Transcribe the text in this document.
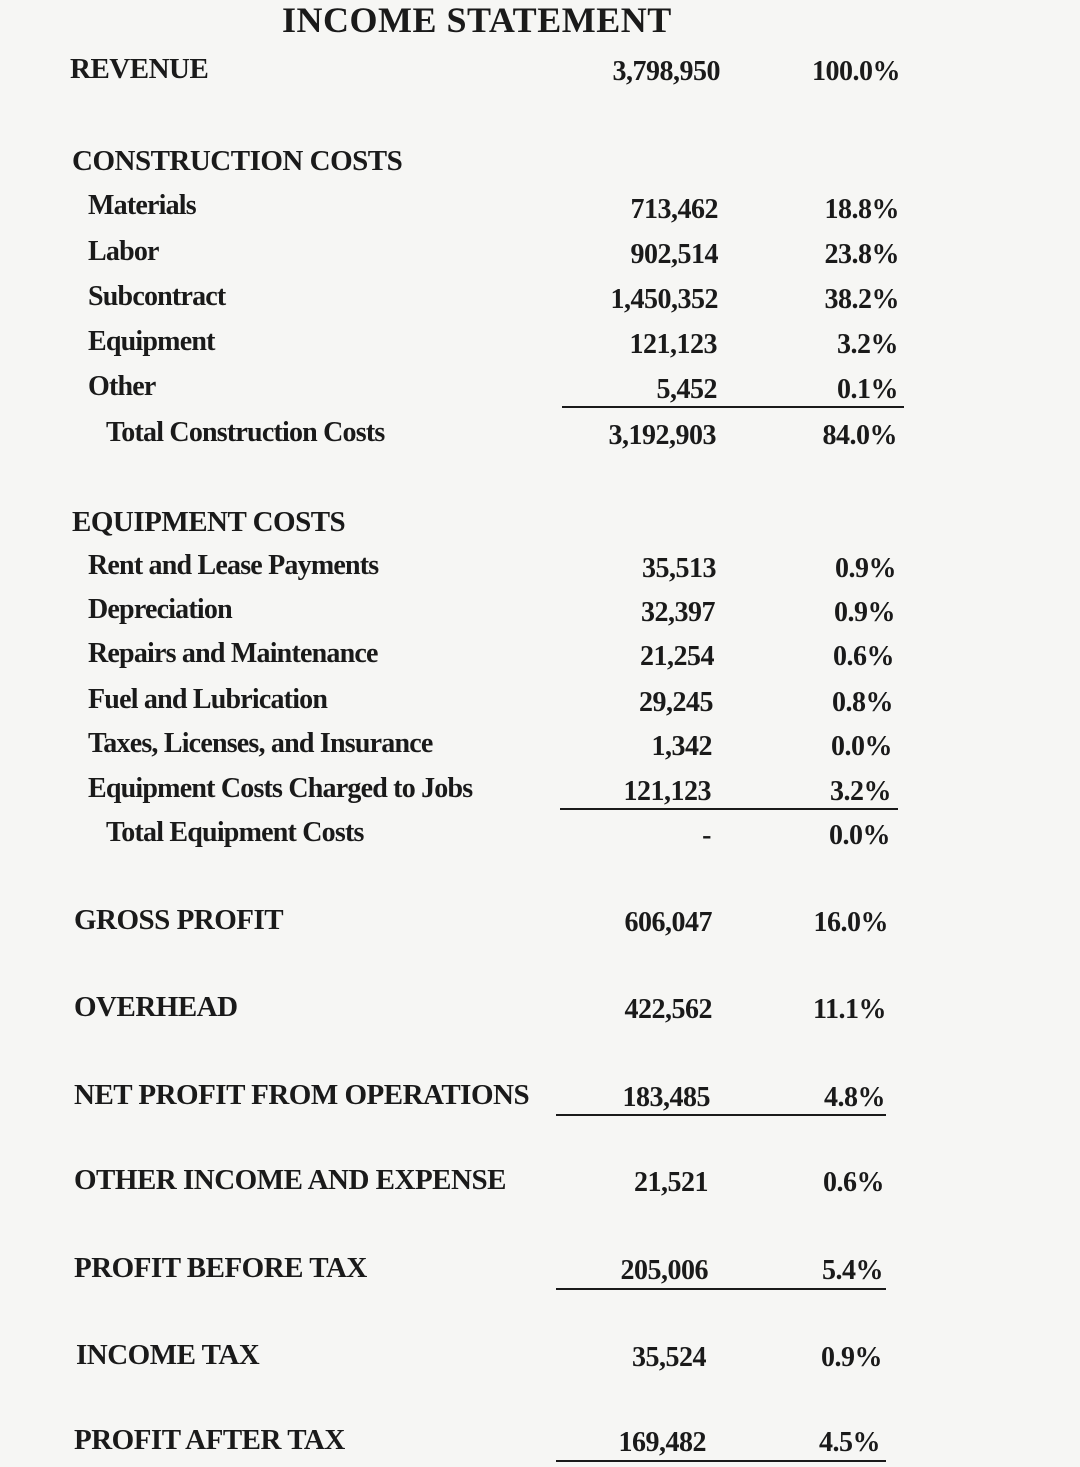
INCOME STATEMENT
REVENUE	3,798,950	100.0%
CONSTRUCTION COSTS
Materials	713,462	18.8%
Labor	902,514	23.8%
Subcontract	1,450,352	38.2%
Equipment	121,123	3.2%
Other	5,452	0.1%
Total Construction Costs	3,192,903	84.0%
EQUIPMENT COSTS
Rent and Lease Payments	35,513	0.9%
Depreciation	32,397	0.9%
Repairs and Maintenance	21,254	0.6%
Fuel and Lubrication	29,245	0.8%
Taxes, Licenses, and Insurance	1,342	0.0%
Equipment Costs Charged to Jobs	121,123	3.2%
Total Equipment Costs	-	0.0%
GROSS PROFIT	606,047	16.0%
OVERHEAD	422,562	11.1%
NET PROFIT FROM OPERATIONS	183,485	4.8%
OTHER INCOME AND EXPENSE	21,521	0.6%
PROFIT BEFORE TAX	205,006	5.4%
INCOME TAX	35,524	0.9%
PROFIT AFTER TAX	169,482	4.5%
